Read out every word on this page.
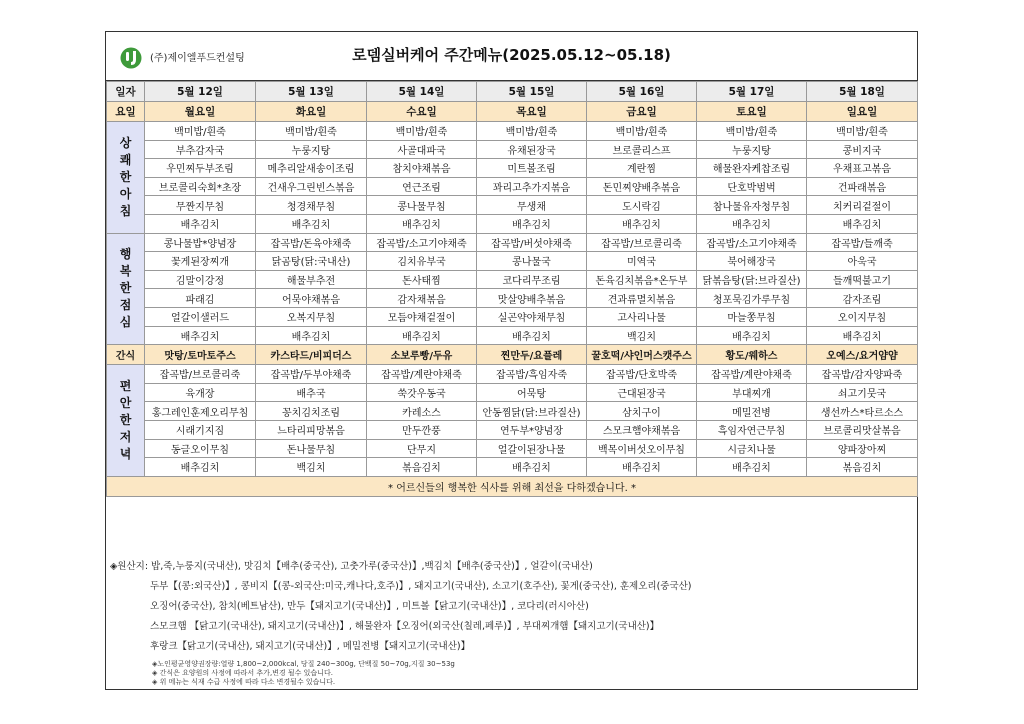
(주)제이엘푸드컨설팅	로뎀실버케어 주간메뉴(2025.05.12~05.18)
일자	5월 12일	5월 13일	5월 14일	5월 15일	5월 16일	5월 17일	5월 18일
요일	월요일	화요일	수요일	목요일	금요일	토요일	일요일

상
쾌
한
아
침	백미밥/흰죽	백미밥/흰죽	백미밥/흰죽	백미밥/흰죽	백미밥/흰죽	백미밥/흰죽	백미밥/흰죽
	부추감자국	누룽지탕	사골대파국	유채된장국	브로콜리스프	누룽지탕	콩비지국
	우민찌두부조림	메추리알새송이조림	참치야채볶음	미트볼조림	계란찜	해물완자케찹조림	우채표고볶음
	브로콜리숙회*초장	건새우그린빈스볶음	연근조림	꽈리고추가지볶음	돈민찌양배추볶음	단호박범벅	건파래볶음
	무짠지무침	청경채무침	콩나물무침	무생채	도시락김	참나물유자청무침	치커리겉절이
	배추김치	배추김치	배추김치	배추김치	배추김치	배추김치	배추김치

행
복
한
점
심	콩나물밥*양념장	잡곡밥/돈육야채죽	잡곡밥/소고기야채죽	잡곡밥/버섯야채죽	잡곡밥/브로콜리죽	잡곡밥/소고기야채죽	잡곡밥/들깨죽
	꽃게된장찌개	닭곰탕(닭:국내산)	김치유부국	콩나물국	미역국	북어해장국	아욱국
	김말이강정	해물부추전	돈사태찜	코다리무조림	돈육김치볶음*온두부	닭볶음탕(닭:브라질산)	들깨떡불고기
	파래김	어묵야채볶음	감자채볶음	맛살양배추볶음	견과류멸치볶음	청포묵김가루무침	감자조림
	얼갈이샐러드	오복지무침	모듬야채겉절이	실곤약야채무침	고사리나물	마늘쫑무침	오이지무침
	배추김치	배추김치	배추김치	배추김치	백김치	배추김치	배추김치
간식	맛탕/토마토주스	카스타드/비피더스	소보루빵/두유	찐만두/요플레	꿀호떡/샤인머스캣주스	황도/웨하스	오예스/요거얌얌

편
안
한
저
녁	잡곡밥/브로콜리죽	잡곡밥/두부야채죽	잡곡밥/계란야채죽	잡곡밥/흑임자죽	잡곡밥/단호박죽	잡곡밥/계란야채죽	잡곡밥/감자양파죽
	육개장	배추국	쑥갓우동국	어묵탕	근대된장국	부대찌개	쇠고기뭇국
	홍그레인훈제오리무침	꽁치김치조림	카레소스	안동찜닭(닭:브라질산)	삼치구이	메밀전병	생선까스*타르소스
	시래기지짐	느타리피망볶음	만두깐풍	연두부*양념장	스모크햄야채볶음	흑임자연근무침	브로콜리맛살볶음
	동글오이무침	돈나물무침	단무지	얼갈이된장나물	백목이버섯오이무침	시금치나물	양파장아찌
	배추김치	백김치	볶음김치	배추김치	배추김치	배추김치	볶음김치
* 어르신들의 행복한 식사를 위해 최선을 다하겠습니다. *							
◈원산지: 밥,죽,누룽지(국내산), 맛김치【배추(중국산), 고춧가루(중국산)】,백김치【배추(중국산)】, 얼갈이(국내산)
두부【(콩:외국산)】, 콩비지【(콩-외국산:미국,캐나다,호주)】, 돼지고기(국내산), 소고기(호주산), 꽃게(중국산), 훈제오리(중국산)
오징어(중국산), 참치(베트남산), 만두【돼지고기(국내산)】, 미트볼【닭고기(국내산)】, 코다리(러시아산)
스모크햄 【닭고기(국내산), 돼지고기(국내산)】, 해물완자【오징어(외국산(칠레,페루)】, 부대찌개햄【돼지고기(국내산)】
후랑크【닭고기(국내산), 돼지고기(국내산)】, 메밀전병【돼지고기(국내산)】
◈노인평균영양권장량:열량 1,800~2,000kcal, 당질 240~300g, 단백질 50~70g,지질 30~53g
◈ 간식은 요양원의 사정에 따라서 추가,변경 될수 있습니다.
◈ 위 메뉴는 식재 수급 사정에 따라 다소 변경될수 있습니다.
